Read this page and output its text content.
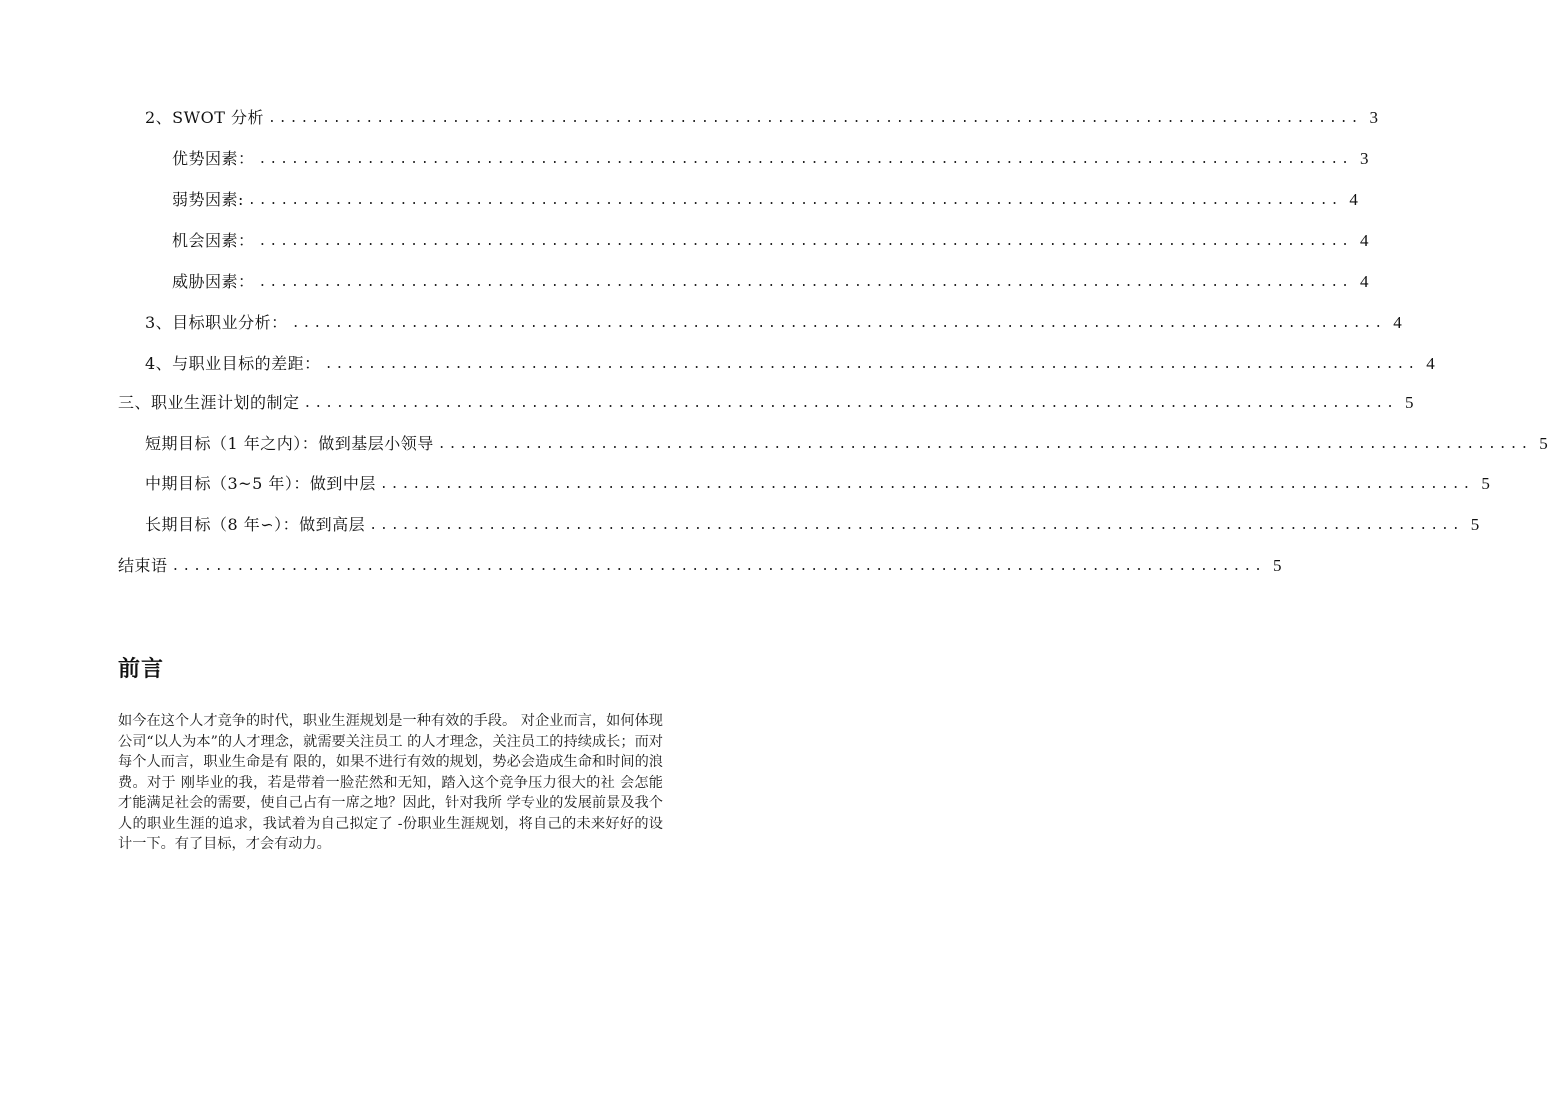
2、SWOT 分析 ..................................................................................................... 3
优势因素： ..................................................................................................... 3
弱势因素: ..................................................................................................... 4
机会因素： ..................................................................................................... 4
威胁因素： ..................................................................................................... 4
3、目标职业分析： ..................................................................................................... 4
4、与职业目标的差距： ..................................................................................................... 4
三、职业生涯计划的制定 ..................................................................................................... 5
短期目标（1 年之内）：做到基层小领导 ..................................................................................................... 5
中期目标（3~5 年）：做到中层 ..................................................................................................... 5
长期目标（8 年∽）：做到高层 ..................................................................................................... 5
结束语 ..................................................................................................... 5
前言

如今在这个人才竞争的时代，职业生涯规划是一种有效的手段。 对企业而言，如何体现公司“以人为本”的人才理念，就需要关注员工 的人才理念，关注员工的持续成长；而对每个人而言，职业生命是有 限的，如果不进行有效的规划，势必会造成生命和时间的浪费。对于 刚毕业的我，若是带着一脸茫然和无知，踏入这个竞争压力很大的社 会怎能才能满足社会的需要，使自己占有一席之地？因此，针对我所 学专业的发展前景及我个人的职业生涯的追求，我试着为自己拟定了 -份职业生涯规划，将自己的未来好好的设计一下。有了目标，才会有动力。
